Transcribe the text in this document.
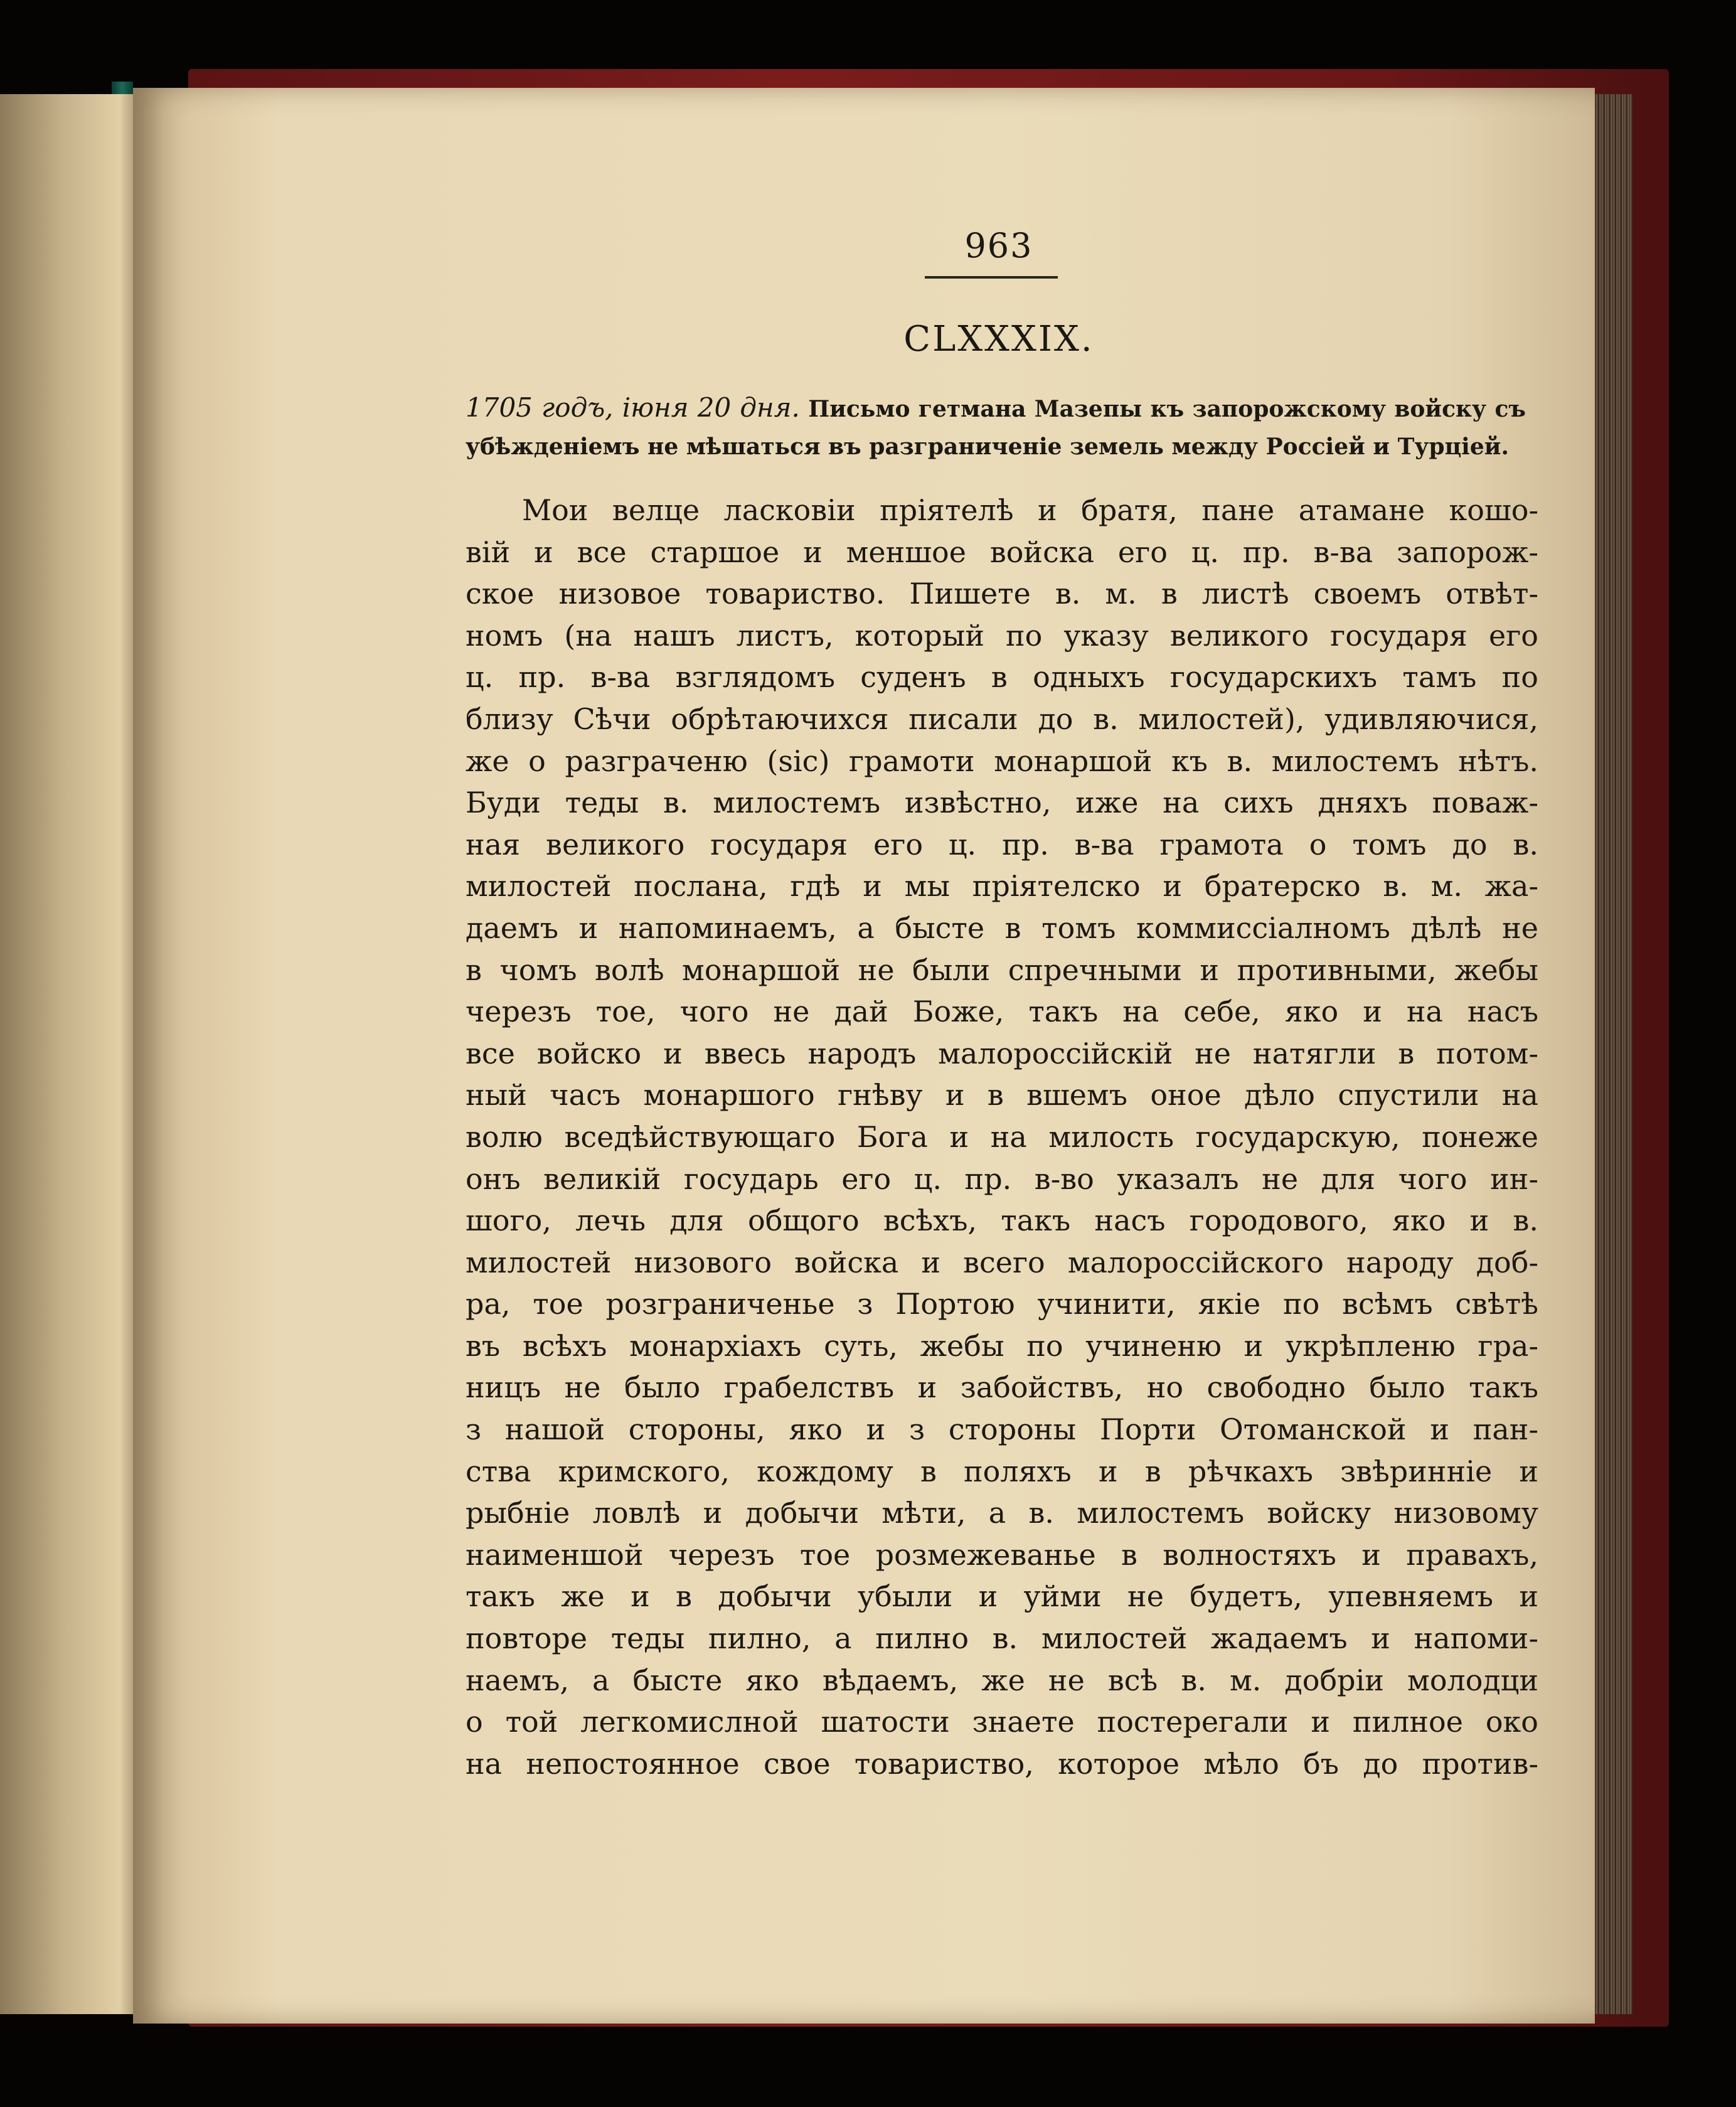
963
CLXXXIX.
1705 годъ, іюня 20 дня. Письмо гетмана Мазепы къ запорожскому войску съ убѣжденіемъ не мѣшаться въ разграниченіе земель между Россіей и Турціей.
Мои велце ласковіи пріятелѣ и братя, пане атамане кошо-
вій и все старшое и меншое войска его ц. пр. в-ва запорож-
ское низовое товариство. Пишете в. м. в листѣ своемъ отвѣт-
номъ (на нашъ листъ, который по указу великого государя его
ц. пр. в-ва взглядомъ суденъ в одныхъ государскихъ тамъ по
близу Сѣчи обрѣтаючихся писали до в. милостей), удивляючися,
же о разграченю (sic) грамоти монаршой къ в. милостемъ нѣтъ.
Буди теды в. милостемъ извѣстно, иже на сихъ дняхъ поваж-
ная великого государя его ц. пр. в-ва грамота о томъ до в.
милостей послана, гдѣ и мы пріятелско и братерско в. м. жа-
даемъ и напоминаемъ, а бысте в томъ коммиссіалномъ дѣлѣ не
в чомъ волѣ монаршой не были спречными и противными, жебы
черезъ тое, чого не дай Боже, такъ на себе, яко и на насъ
все войско и ввесь народъ малороссійскій не натягли в потом-
ный часъ монаршого гнѣву и в вшемъ оное дѣло спустили на
волю вседѣйствующаго Бога и на милость государскую, понеже
онъ великій государь его ц. пр. в-во указалъ не для чого ин-
шого, лечь для общого всѣхъ, такъ насъ городового, яко и в.
милостей низового войска и всего малороссійского народу доб-
ра, тое розграниченье з Портою учинити, якіе по всѣмъ свѣтѣ
въ всѣхъ монархіахъ суть, жебы по учиненю и укрѣпленю гра-
ницъ не было грабелствъ и забойствъ, но свободно было такъ
з нашой стороны, яко и з стороны Порти Отоманской и пан-
ства кримского, кождому в поляхъ и в рѣчкахъ звѣринніе и
рыбніе ловлѣ и добычи мѣти, а в. милостемъ войску низовому
наименшой черезъ тое розмежеванье в волностяхъ и правахъ,
такъ же и в добычи убыли и уйми не будетъ, упевняемъ и
повторе теды пилно, а пилно в. милостей жадаемъ и напоми-
наемъ, а бысте яко вѣдаемъ, же не всѣ в. м. добріи молодци
о той легкомислной шатости знаете постерегали и пилное око
на непостоянное свое товариство, которое мѣло бъ до против-
